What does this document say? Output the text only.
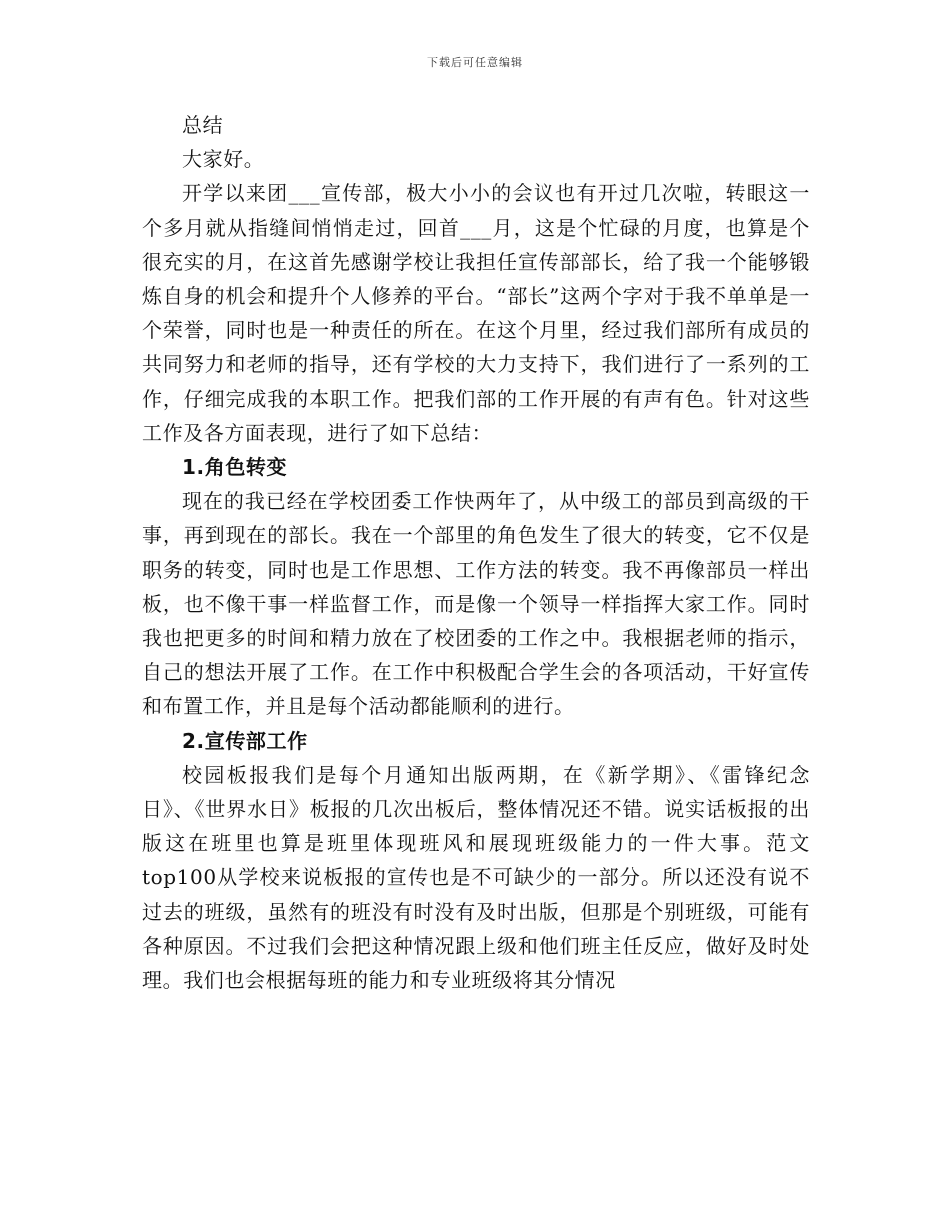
下载后可任意编辑

总结

大家好。

开学以来团___宣传部，极大小小的会议也有开过几次啦，转眼这一个多月就从指缝间悄悄走过，回首___月，这是个忙碌的月度，也算是个很充实的月，在这首先感谢学校让我担任宣传部部长，给了我一个能够锻炼自身的机会和提升个人修养的平台。“部长”这两个字对于我不单单是一个荣誉，同时也是一种责任的所在。在这个月里，经过我们部所有成员的共同努力和老师的指导，还有学校的大力支持下，我们进行了一系列的工作，仔细完成我的本职工作。把我们部的工作开展的有声有色。针对这些工作及各方面表现，进行了如下总结：

1.角色转变

现在的我已经在学校团委工作快两年了，从中级工的部员到高级的干事，再到现在的部长。我在一个部里的角色发生了很大的转变，它不仅是职务的转变，同时也是工作思想、工作方法的转变。我不再像部员一样出板，也不像干事一样监督工作，而是像一个领导一样指挥大家工作。同时我也把更多的时间和精力放在了校团委的工作之中。我根据老师的指示，自己的想法开展了工作。在工作中积极配合学生会的各项活动，干好宣传和布置工作，并且是每个活动都能顺利的进行。

2.宣传部工作

校园板报我们是每个月通知出版两期，在《新学期》、《雷锋纪念日》、《世界水日》板报的几次出板后，整体情况还不错。说实话板报的出版这在班里也算是班里体现班风和展现班级能力的一件大事。范文top100从学校来说板报的宣传也是不可缺少的一部分。所以还没有说不过去的班级，虽然有的班没有时没有及时出版，但那是个别班级，可能有各种原因。不过我们会把这种情况跟上级和他们班主任反应，做好及时处理。我们也会根据每班的能力和专业班级将其分情况
